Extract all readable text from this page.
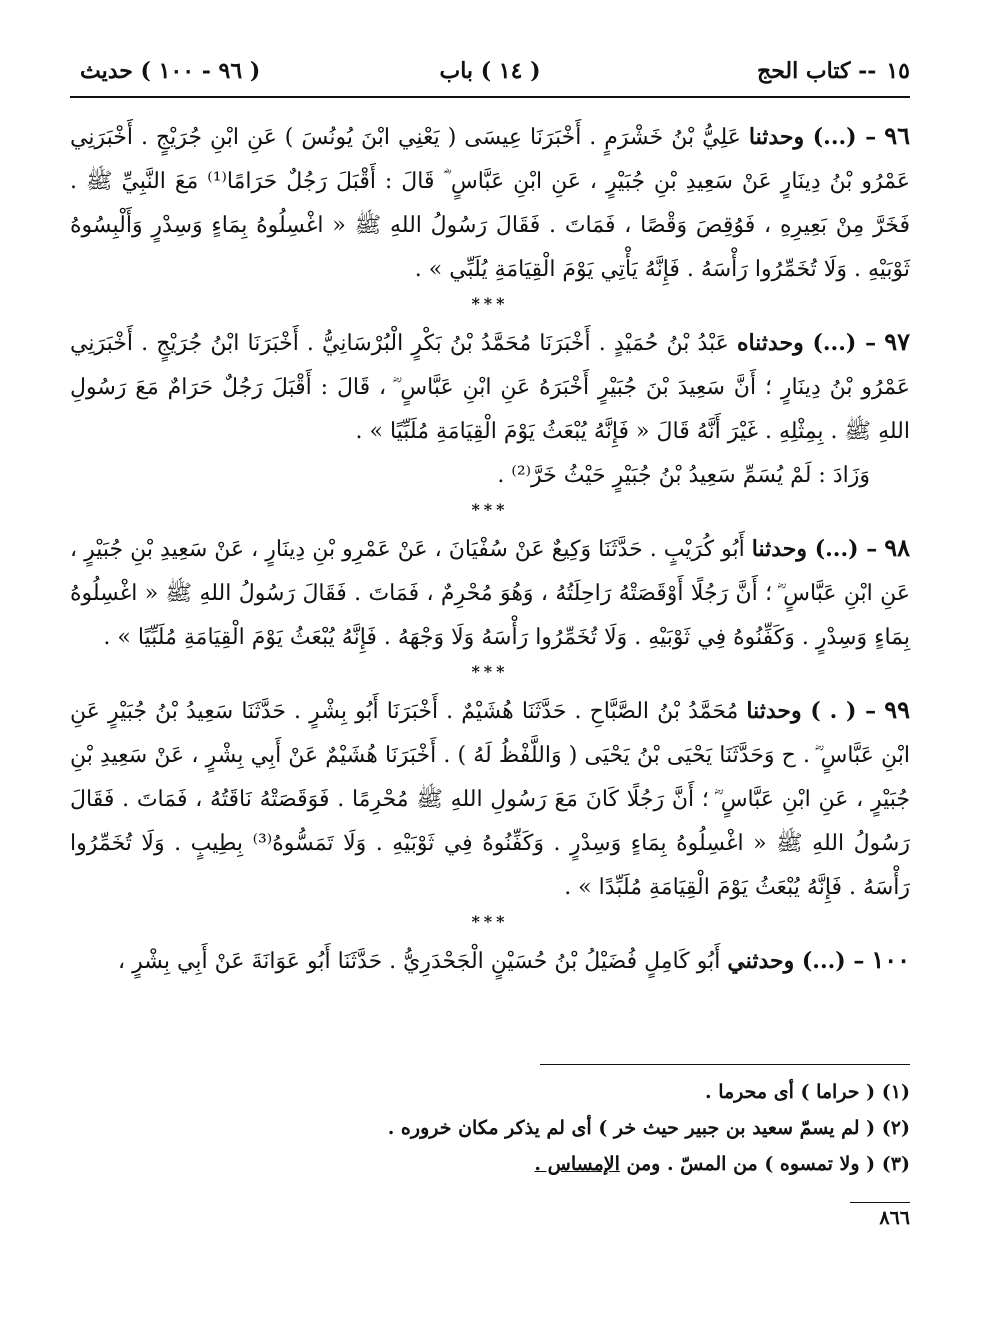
١٥
-- كتاب الحج
( ١٤ ) باب
( ٩٦ - ١٠٠ ) حديث

٩٦ – (...) وحدثنا عَلِيُّ بْنُ خَشْرَمٍ . أَخْبَرَنَا عِيسَى ( يَعْنِي ابْنَ يُونُسَ ) عَنِ ابْنِ جُرَيْجٍ . أَخْبَرَنِي عَمْرُو بْنُ دِينَارٍ عَنْ سَعِيدِ بْنِ جُبَيْرٍ ، عَنِ ابْنِ عَبَّاسٍ ؓ قَالَ : أَقْبَلَ رَجُلٌ حَرَامًا⁽¹⁾ مَعَ النَّبِيِّ ﷺ . فَخَرَّ مِنْ بَعِيرِهِ ، فَوُقِصَ وَقْصًا ، فَمَاتَ . فَقَالَ رَسُولُ اللهِ ﷺ « اغْسِلُوهُ بِمَاءٍ وَسِدْرٍ وَأَلْبِسُوهُ ثَوْبَيْهِ . وَلَا تُخَمِّرُوا رَأْسَهُ . فَإِنَّهُ يَأْتِي يَوْمَ الْقِيَامَةِ يُلَبِّي » .

***

٩٧ – (...) وحدثناه عَبْدُ بْنُ حُمَيْدٍ . أَخْبَرَنَا مُحَمَّدُ بْنُ بَكْرٍ الْبُرْسَانِيُّ . أَخْبَرَنَا ابْنُ جُرَيْجٍ . أَخْبَرَنِي عَمْرُو بْنُ دِينَارٍ ؛ أَنَّ سَعِيدَ بْنَ جُبَيْرٍ أَخْبَرَهُ عَنِ ابْنِ عَبَّاسٍ ؓ ، قَالَ : أَقْبَلَ رَجُلٌ حَرَامٌ مَعَ رَسُولِ اللهِ ﷺ . بِمِثْلِهِ . غَيْرَ أَنَّهُ قَالَ « فَإِنَّهُ يُبْعَثُ يَوْمَ الْقِيَامَةِ مُلَبِّيًا » .

وَزَادَ : لَمْ يُسَمِّ سَعِيدُ بْنُ جُبَيْرٍ حَيْثُ خَرَّ⁽²⁾ .

***

٩٨ – (...) وحدثنا أَبُو كُرَيْبٍ . حَدَّثَنَا وَكِيعٌ عَنْ سُفْيَانَ ، عَنْ عَمْرِو بْنِ دِينَارٍ ، عَنْ سَعِيدِ بْنِ جُبَيْرٍ ، عَنِ ابْنِ عَبَّاسٍ ؓ ؛ أَنَّ رَجُلًا أَوْقَصَتْهُ رَاحِلَتُهُ ، وَهُوَ مُحْرِمٌ ، فَمَاتَ . فَقَالَ رَسُولُ اللهِ ﷺ « اغْسِلُوهُ بِمَاءٍ وَسِدْرٍ . وَكَفِّنُوهُ فِي ثَوْبَيْهِ . وَلَا تُخَمِّرُوا رَأْسَهُ وَلَا وَجْهَهُ . فَإِنَّهُ يُبْعَثُ يَوْمَ الْقِيَامَةِ مُلَبِّيًا » .

***

٩٩ – ( . ) وحدثنا مُحَمَّدُ بْنُ الصَّبَّاحِ . حَدَّثَنَا هُشَيْمٌ . أَخْبَرَنَا أَبُو بِشْرٍ . حَدَّثَنَا سَعِيدُ بْنُ جُبَيْرٍ عَنِ ابْنِ عَبَّاسٍ ؓ . ح وَحَدَّثَنَا يَحْيَى بْنُ يَحْيَى ( وَاللَّفْظُ لَهُ ) . أَخْبَرَنَا هُشَيْمٌ عَنْ أَبِي بِشْرٍ ، عَنْ سَعِيدِ بْنِ جُبَيْرٍ ، عَنِ ابْنِ عَبَّاسٍ ؓ ؛ أَنَّ رَجُلًا كَانَ مَعَ رَسُولِ اللهِ ﷺ مُحْرِمًا . فَوَقَصَتْهُ نَاقَتُهُ ، فَمَاتَ . فَقَالَ رَسُولُ اللهِ ﷺ « اغْسِلُوهُ بِمَاءٍ وَسِدْرٍ . وَكَفِّنُوهُ فِي ثَوْبَيْهِ . وَلَا تَمَسُّوهُ⁽³⁾ بِطِيبٍ . وَلَا تُخَمِّرُوا رَأْسَهُ . فَإِنَّهُ يُبْعَثُ يَوْمَ الْقِيَامَةِ مُلَبِّدًا » .

***

١٠٠ – (...) وحدثني أَبُو كَامِلٍ فُضَيْلُ بْنُ حُسَيْنٍ الْجَحْدَرِيُّ . حَدَّثَنَا أَبُو عَوَانَةَ عَنْ أَبِي بِشْرٍ ،

(١) ( حراما ) أى محرما .

(٢) ( لم يسمّ سعيد بن جبير حيث خر ) أى لم يذكر مكان خروره .

(٣) ( ولا تمسوه ) من المسّ . ومن الإمساس .

٨٦٦
